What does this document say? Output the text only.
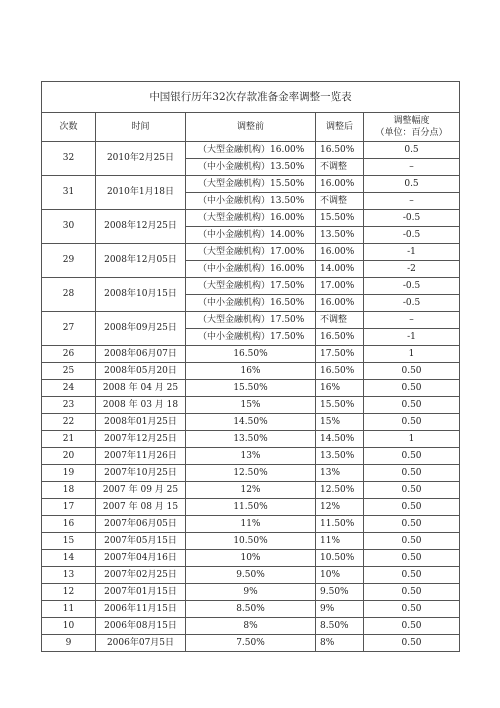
中国银行历年32次存款准备金率调整一览表				
次数	时间	调整前	调整后	调整幅度
（单位：百分点）

32	2010年2月25日	（大型金融机构）16.00%	16.50%	0.5
		（中小金融机构）13.50%	不调整	–
31	2010年1月18日	（大型金融机构）15.50%	16.00%	0.5
		（中小金融机构）13.50%	不调整	–
30	2008年12月25日	（大型金融机构）16.00%	15.50%	-0.5
		（中小金融机构）14.00%	13.50%	-0.5
29	2008年12月05日	（大型金融机构）17.00%	16.00%	-1
		（中小金融机构）16.00%	14.00%	-2
28	2008年10月15日	（大型金融机构）17.50%	17.00%	-0.5
		（中小金融机构）16.50%	16.00%	-0.5
27	2008年09月25日	（大型金融机构）17.50%	不调整	–
		（中小金融机构）17.50%	16.50%	-1
26	2008年06月07日	16.50%	17.50%	1
25	2008年05月20日	16%	16.50%	0.50
24	2008 年 04 月 25	15.50%	16%	0.50
23	2008 年 03 月 18	15%	15.50%	0.50
22	2008年01月25日	14.50%	15%	0.50
21	2007年12月25日	13.50%	14.50%	1
20	2007年11月26日	13%	13.50%	0.50
19	2007年10月25日	12.50%	13%	0.50
18	2007 年 09 月 25	12%	12.50%	0.50
17	2007 年 08 月 15	11.50%	12%	0.50
16	2007年06月05日	11%	11.50%	0.50
15	2007年05月15日	10.50%	11%	0.50
14	2007年04月16日	10%	10.50%	0.50
13	2007年02月25日	9.50%	10%	0.50
12	2007年01月15日	9%	9.50%	0.50
11	2006年11月15日	8.50%	9%	0.50
10	2006年08月15日	8%	8.50%	0.50
9	2006年07月5日	7.50%	8%	0.50
